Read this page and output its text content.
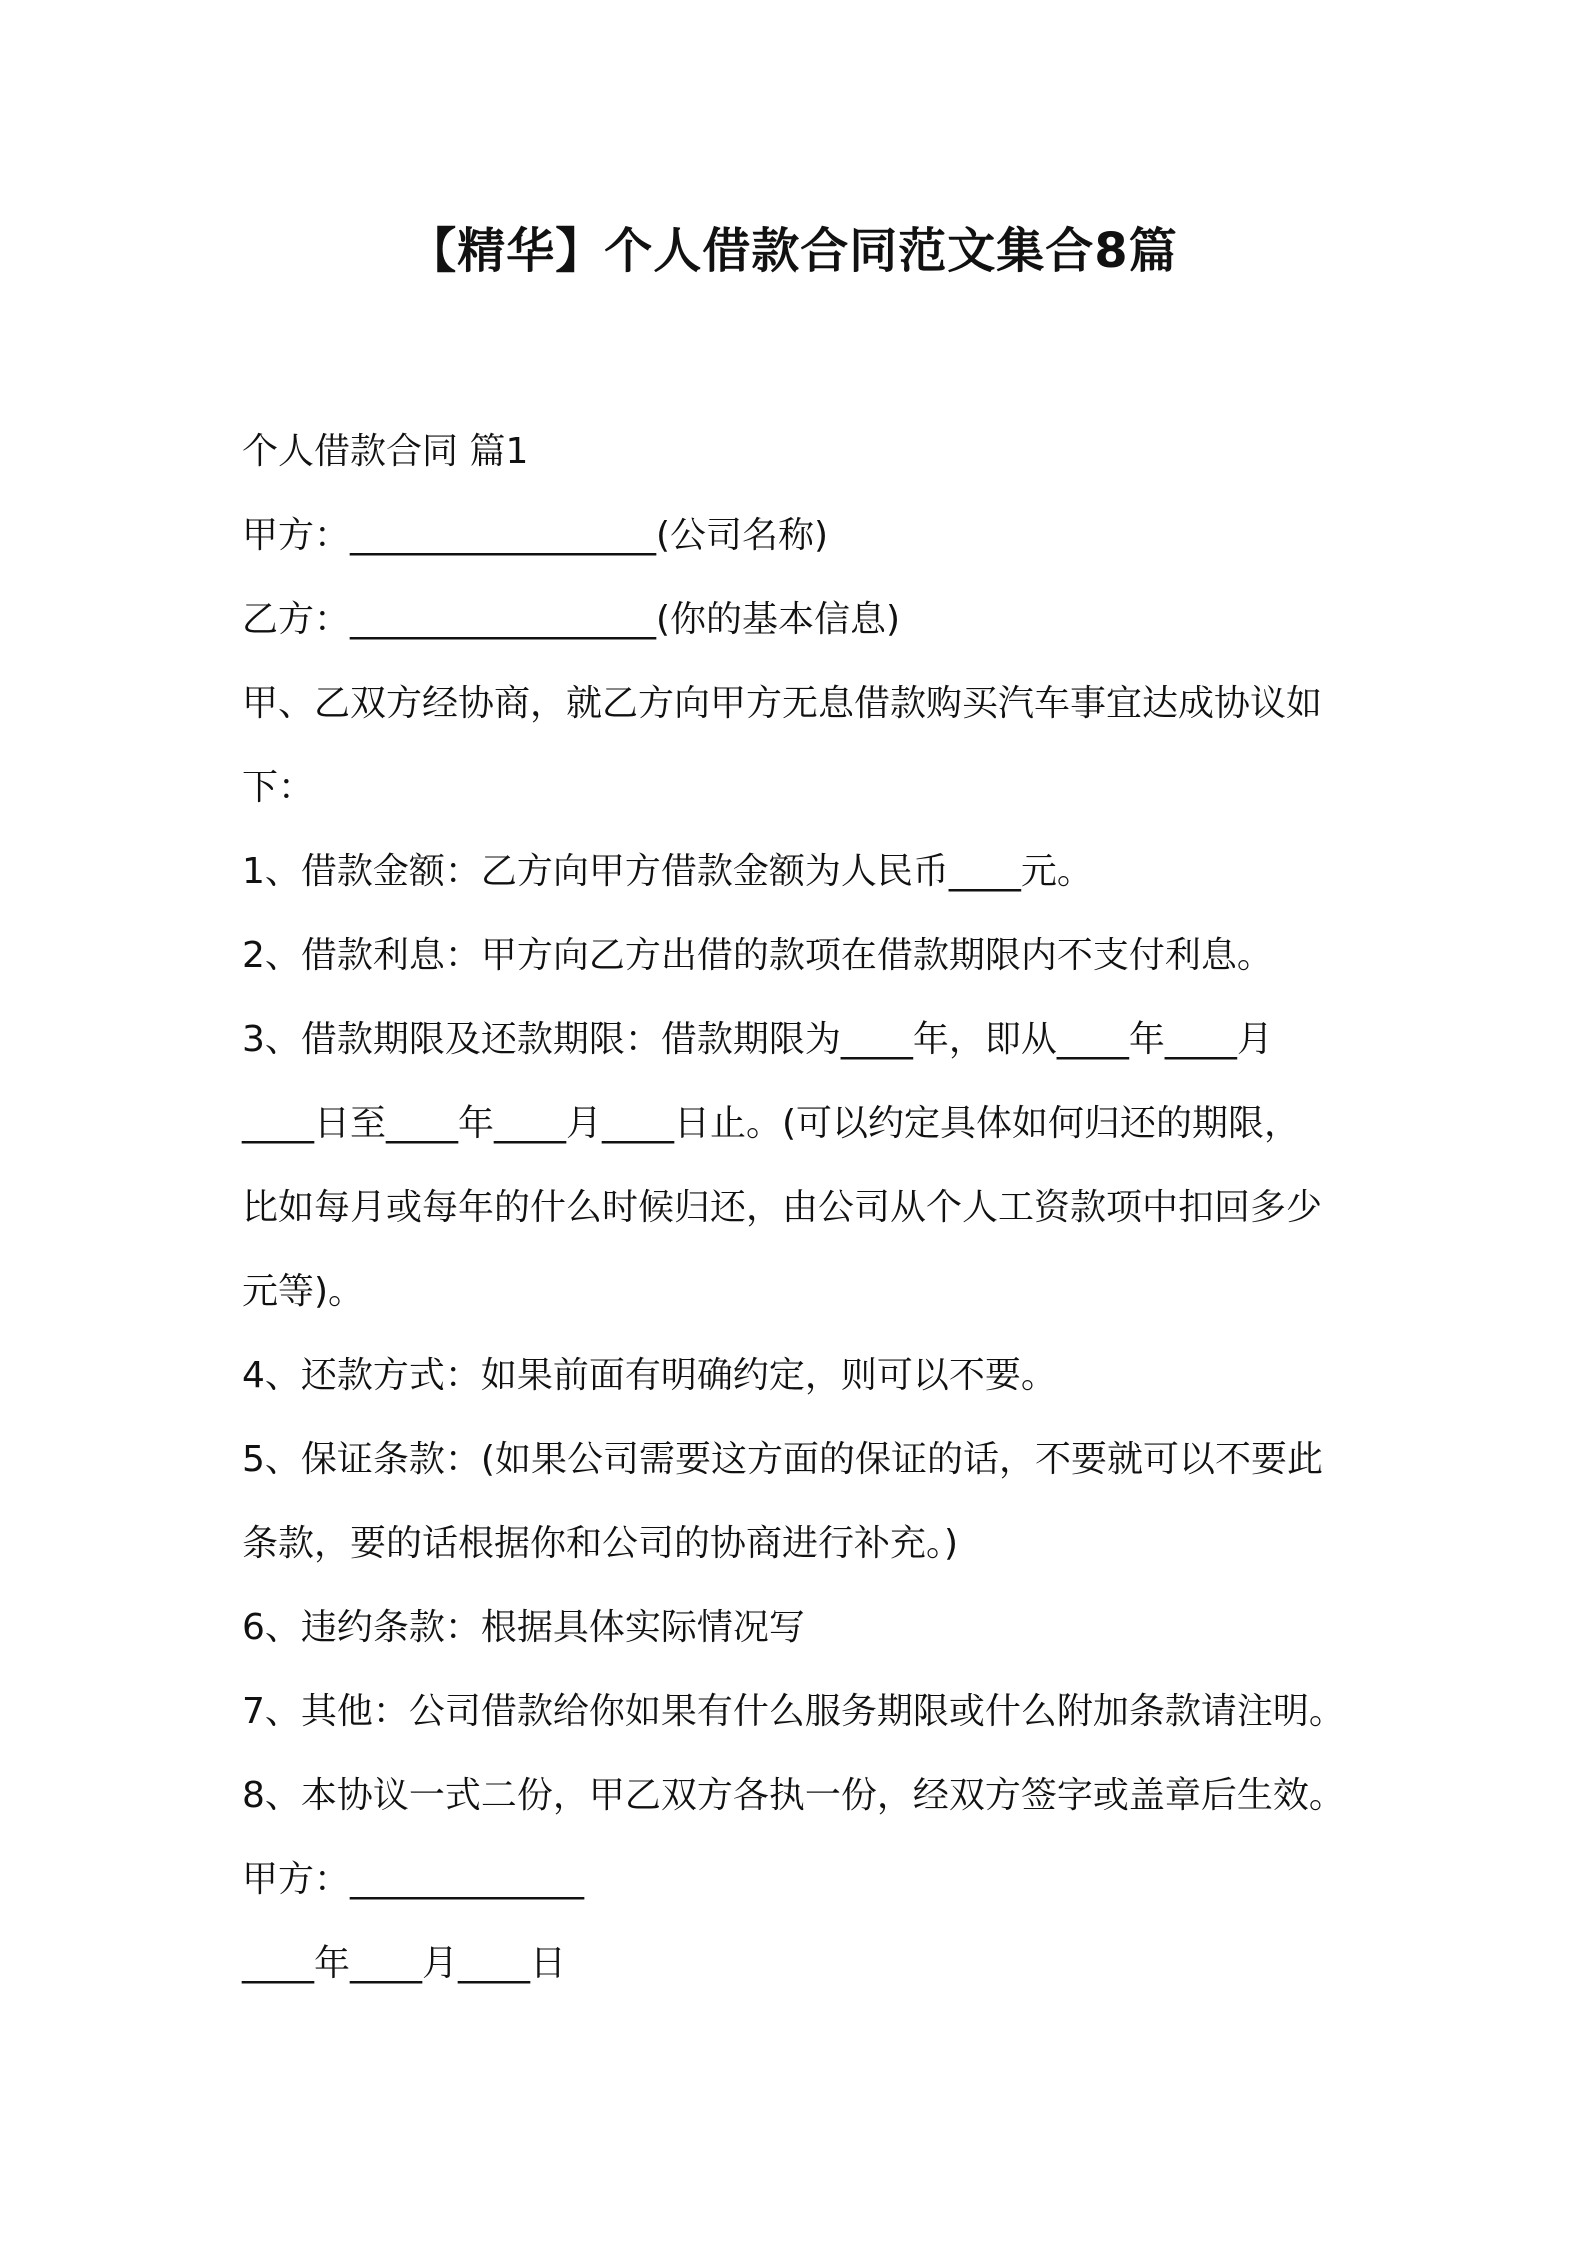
【精华】个人借款合同范文集合8篇

个人借款合同 篇1

甲方：_________________(公司名称)

乙方：_________________(你的基本信息)

甲、乙双方经协商，就乙方向甲方无息借款购买汽车事宜达成协议如

下：

1、借款金额：乙方向甲方借款金额为人民币____元。

2、借款利息：甲方向乙方出借的款项在借款期限内不支付利息。

3、借款期限及还款期限：借款期限为____年，即从____年____月

____日至____年____月____日止。(可以约定具体如何归还的期限，

比如每月或每年的什么时候归还，由公司从个人工资款项中扣回多少

元等)。

4、还款方式：如果前面有明确约定，则可以不要。

5、保证条款：(如果公司需要这方面的保证的话，不要就可以不要此

条款，要的话根据你和公司的协商进行补充。)

6、违约条款：根据具体实际情况写

7、其他：公司借款给你如果有什么服务期限或什么附加条款请注明。

8、本协议一式二份，甲乙双方各执一份，经双方签字或盖章后生效。

甲方：_____________

____年____月____日
